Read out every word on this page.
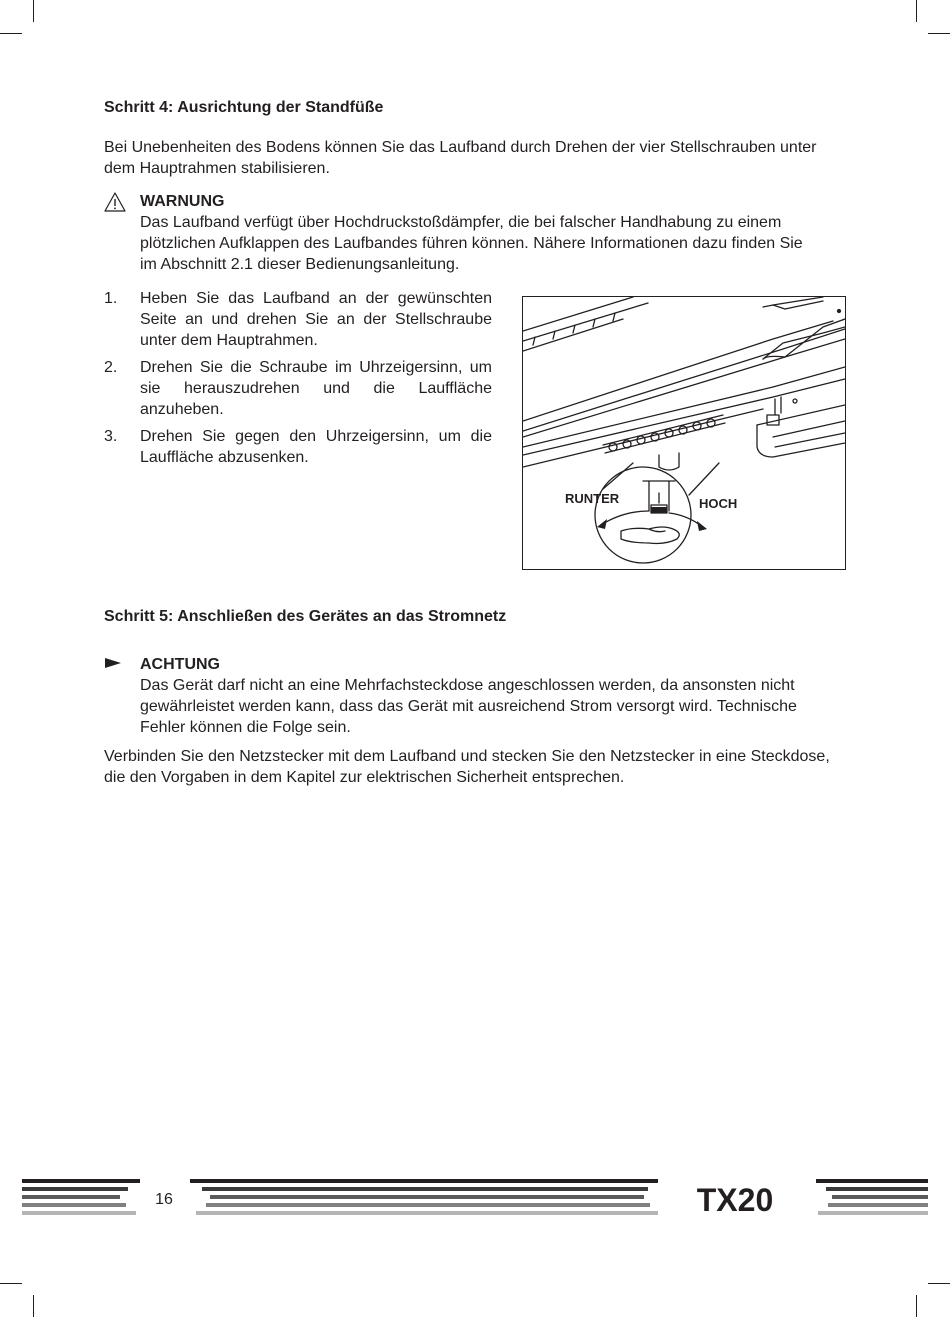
Schritt 4: Ausrichtung der Standfüße
Bei Unebenheiten des Bodens können Sie das Laufband durch Drehen der vier Stellschrauben unter
dem Hauptrahmen stabilisieren.
WARNUNG
Das Laufband verfügt über Hochdruckstoßdämpfer, die bei falscher Handhabung zu einem
plötzlichen Aufklappen des Laufbandes führen können. Nähere Informationen dazu finden Sie
im Abschnitt 2.1 dieser Bedienungsanleitung.
1. Heben Sie das Laufband an der gewünschten Seite an und drehen Sie an der Stellschraube unter dem Hauptrahmen.
2. Drehen Sie die Schraube im Uhrzeigersinn, um sie herauszudrehen und die Lauffläche anzuheben.
3. Drehen Sie gegen den Uhrzeigersinn, um die Lauffläche abzusenken.
RUNTER	HOCH
Schritt 5: Anschließen des Gerätes an das Stromnetz
ACHTUNG
Das Gerät darf nicht an eine Mehrfachsteckdose angeschlossen werden, da ansonsten nicht
gewährleistet werden kann, dass das Gerät mit ausreichend Strom versorgt wird. Technische
Fehler können die Folge sein.
Verbinden Sie den Netzstecker mit dem Laufband und stecken Sie den Netzstecker in eine Steckdose,
die den Vorgaben in dem Kapitel zur elektrischen Sicherheit entsprechen.
16	TX20
